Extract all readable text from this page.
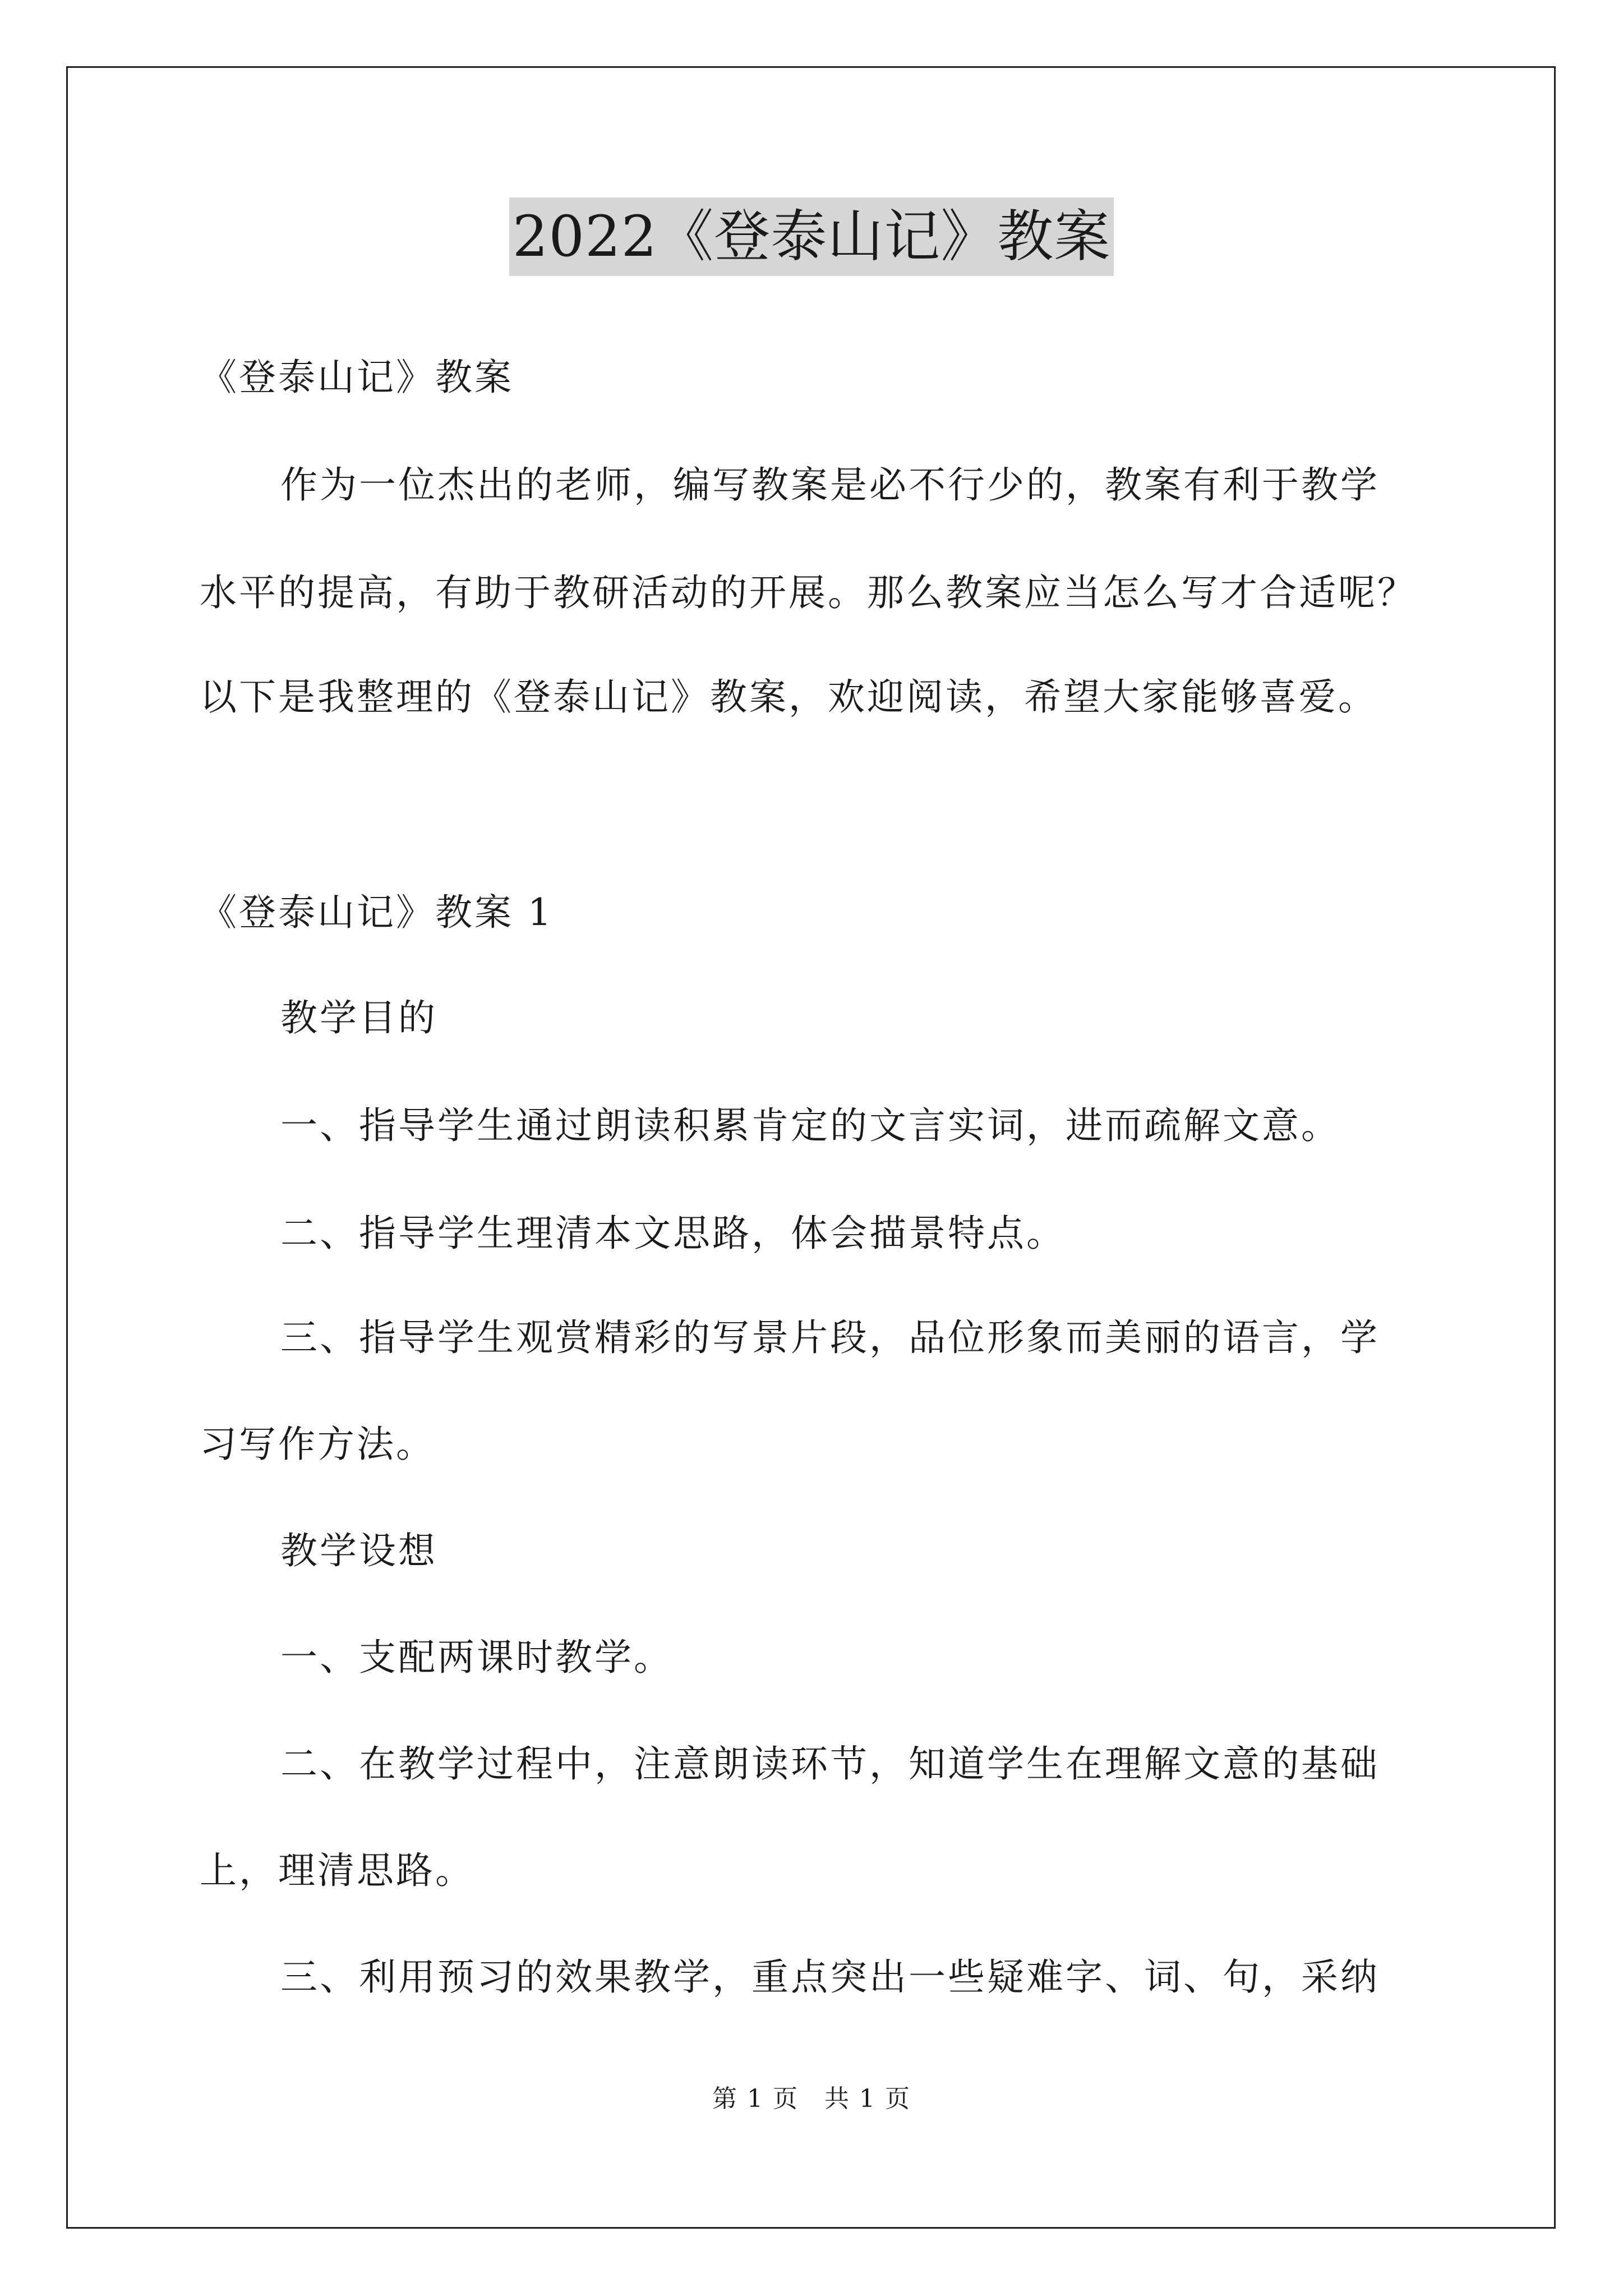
2022《登泰山记》教案
《登泰山记》教案
作为一位杰出的老师，编写教案是必不行少的，教案有利于教学
水平的提高，有助于教研活动的开展。那么教案应当怎么写才合适呢？
以下是我整理的《登泰山记》教案，欢迎阅读，希望大家能够喜爱。
《登泰山记》教案 1
教学目的
一、指导学生通过朗读积累肯定的文言实词，进而疏解文意。
二、指导学生理清本文思路，体会描景特点。
三、指导学生观赏精彩的写景片段，品位形象而美丽的语言，学
习写作方法。
教学设想
一、支配两课时教学。
二、在教学过程中，注意朗读环节，知道学生在理解文意的基础
上，理清思路。
三、利用预习的效果教学，重点突出一些疑难字、词、句，采纳
第 1 页　共 1 页
